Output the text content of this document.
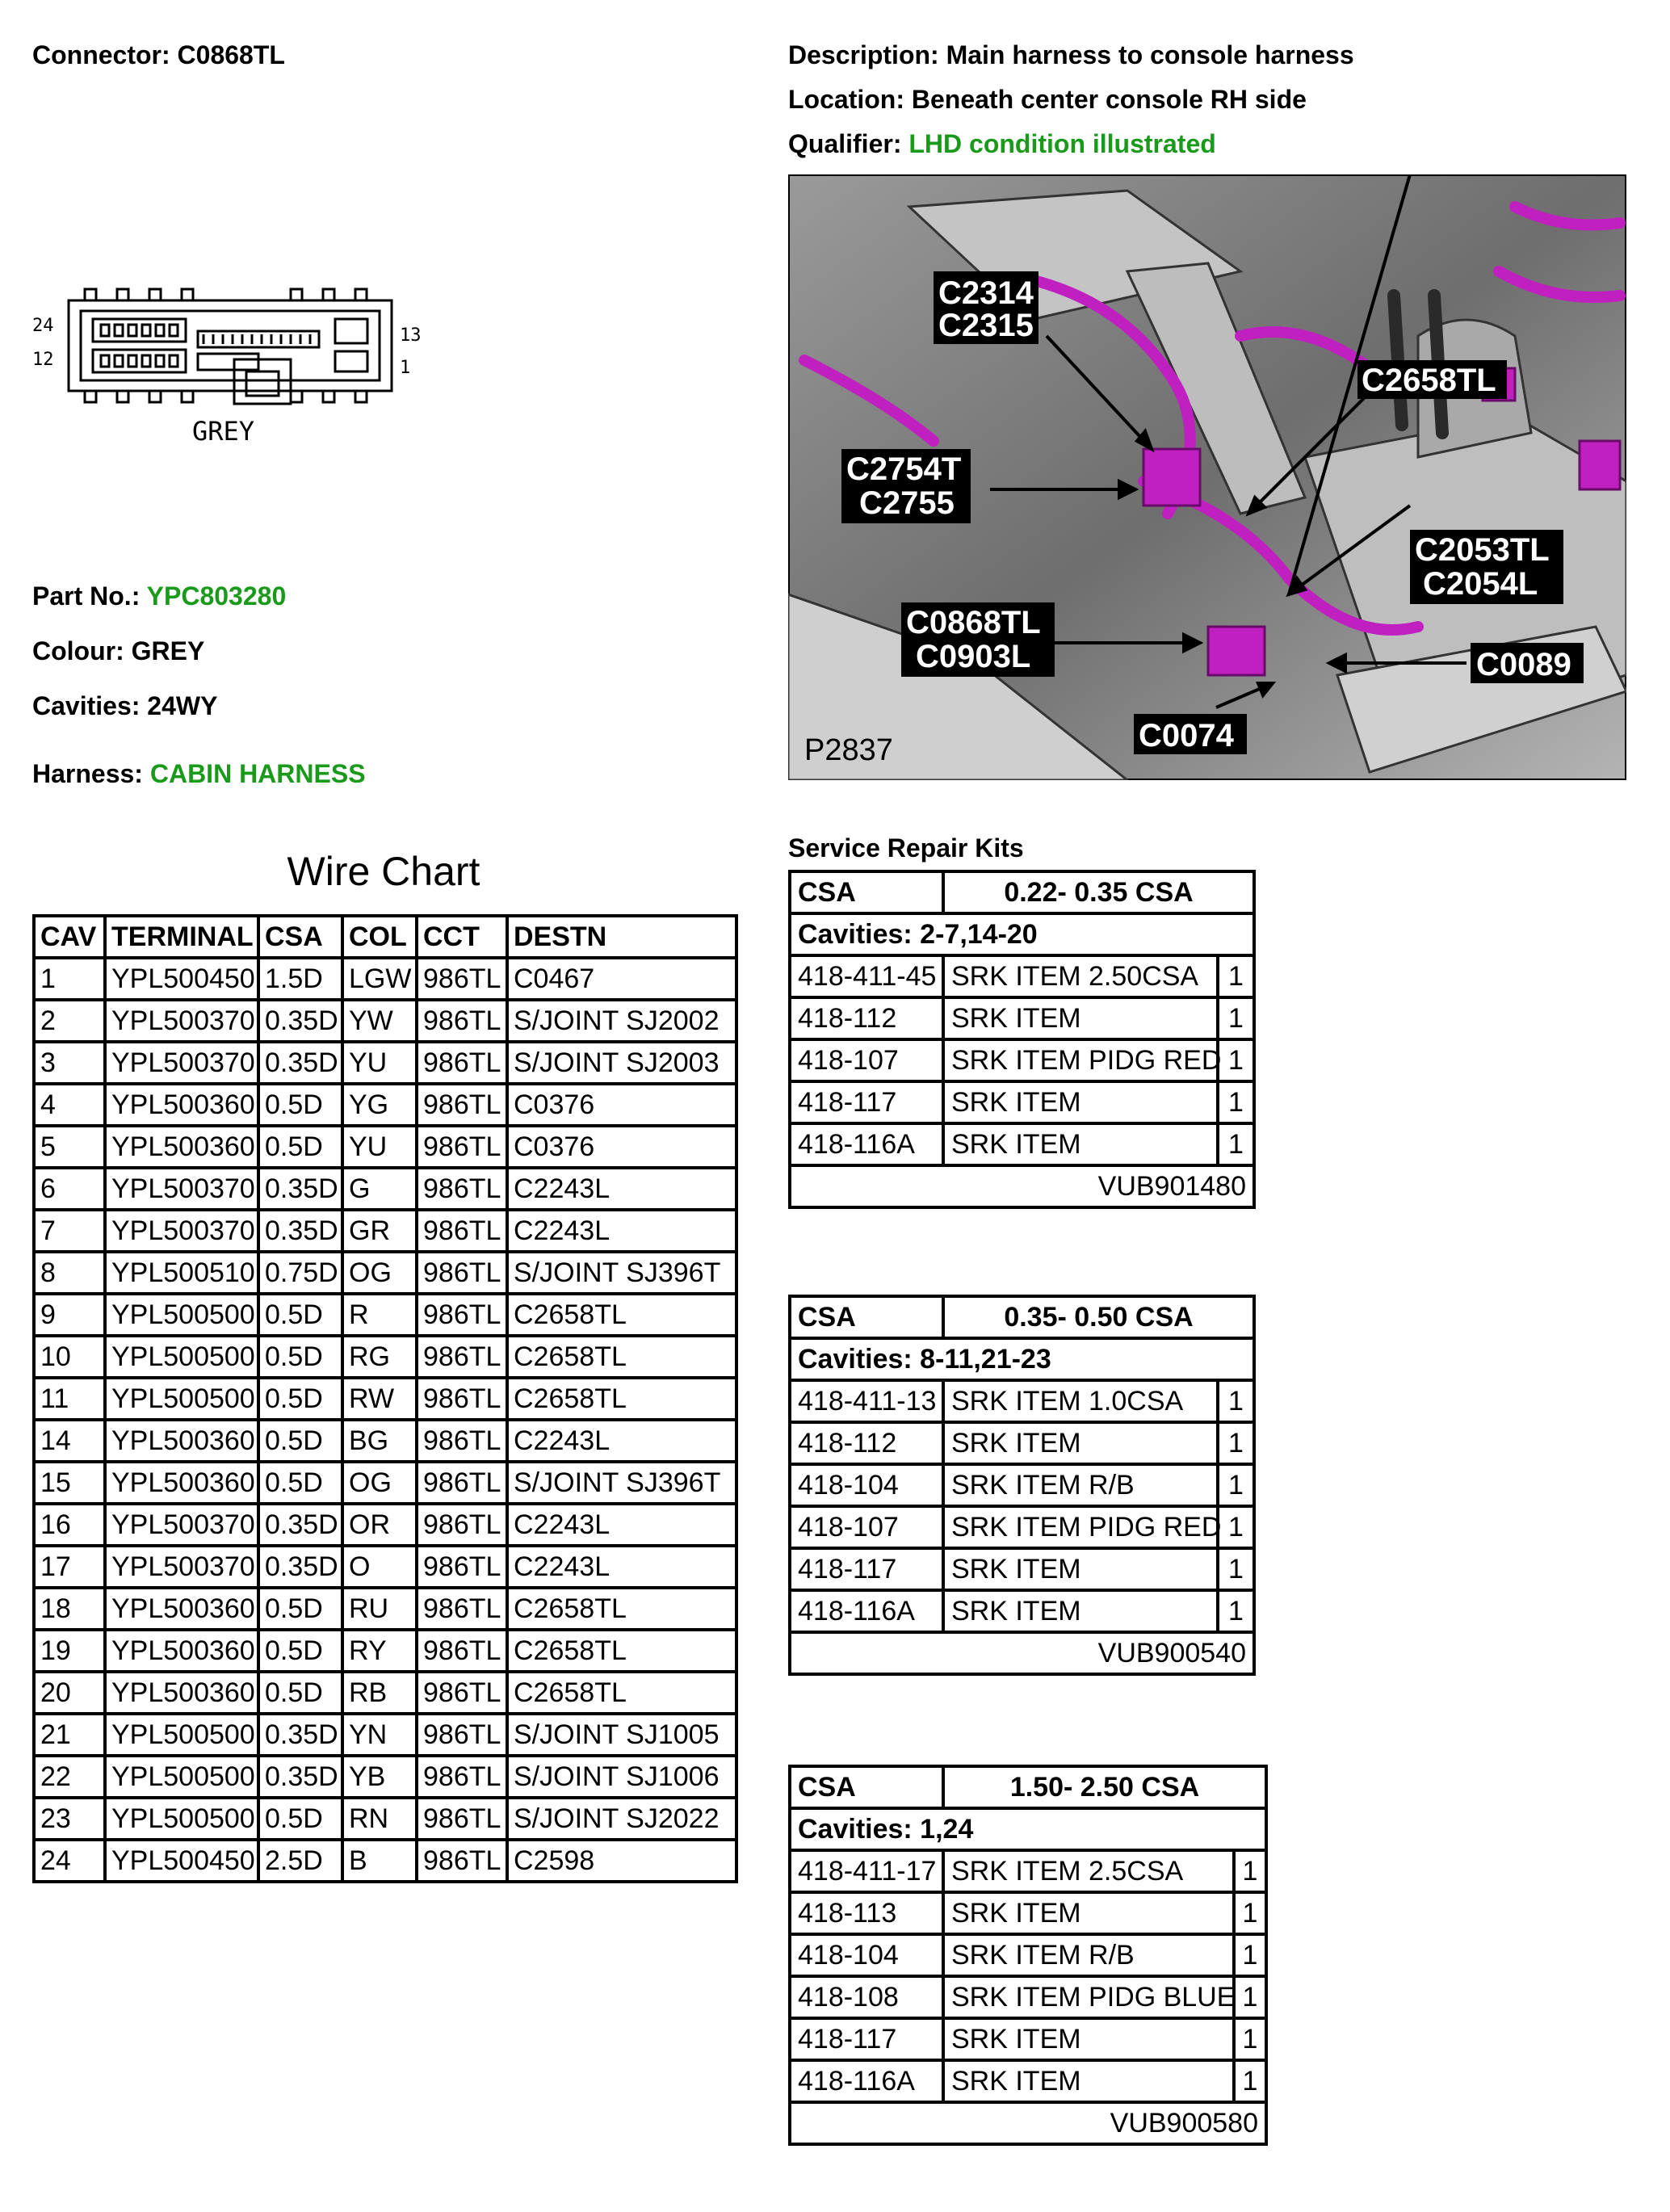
Connector: C0868TL	Description: Main harness to console harness
Location: Beneath center console RH side
Qualifier: LHD condition illustrated
24
12
13
1
GREY
Part No.: YPC803280
Colour: GREY
Cavities: 24WY
Harness: CABIN HARNESS
C2314
C2315
C2658TL
C2754T
C2755
C2053TL
C2054L
C0868TL
C0903L	C0089
C0074
P2837
Wire Chart
CAV	TERMINAL	CSA	COL	CCT	DESTN
1	YPL500450	1.5D	LGW	986TL	C0467
2	YPL500370	0.35D	YW	986TL	S/JOINT SJ2002
3	YPL500370	0.35D	YU	986TL	S/JOINT SJ2003
4	YPL500360	0.5D	YG	986TL	C0376
5	YPL500360	0.5D	YU	986TL	C0376
6	YPL500370	0.35D	G	986TL	C2243L
7	YPL500370	0.35D	GR	986TL	C2243L
8	YPL500510	0.75D	OG	986TL	S/JOINT SJ396T
9	YPL500500	0.5D	R	986TL	C2658TL
10	YPL500500	0.5D	RG	986TL	C2658TL
11	YPL500500	0.5D	RW	986TL	C2658TL
14	YPL500360	0.5D	BG	986TL	C2243L
15	YPL500360	0.5D	OG	986TL	S/JOINT SJ396T
16	YPL500370	0.35D	OR	986TL	C2243L
17	YPL500370	0.35D	O	986TL	C2243L
18	YPL500360	0.5D	RU	986TL	C2658TL
19	YPL500360	0.5D	RY	986TL	C2658TL
20	YPL500360	0.5D	RB	986TL	C2658TL
21	YPL500500	0.35D	YN	986TL	S/JOINT SJ1005
22	YPL500500	0.35D	YB	986TL	S/JOINT SJ1006
23	YPL500500	0.5D	RN	986TL	S/JOINT SJ2022
24	YPL500450	2.5D	B	986TL	C2598
Service Repair Kits
CSA	0.22- 0.35 CSA	
Cavities: 2-7,14-20		
418-411-45	SRK ITEM 2.50CSA	1
418-112	SRK ITEM	1
418-107	SRK ITEM PIDG RED	1
418-117	SRK ITEM	1
418-116A	SRK ITEM	1
VUB901480		
CSA	0.35- 0.50 CSA	
Cavities: 8-11,21-23		
418-411-13	SRK ITEM 1.0CSA	1
418-112	SRK ITEM	1
418-104	SRK ITEM R/B	1
418-107	SRK ITEM PIDG RED	1
418-117	SRK ITEM	1
418-116A	SRK ITEM	1
VUB900540		
CSA	1.50- 2.50 CSA	
Cavities: 1,24		
418-411-17	SRK ITEM 2.5CSA	1
418-113	SRK ITEM	1
418-104	SRK ITEM R/B	1
418-108	SRK ITEM PIDG BLUE	1
418-117	SRK ITEM	1
418-116A	SRK ITEM	1
VUB900580		
